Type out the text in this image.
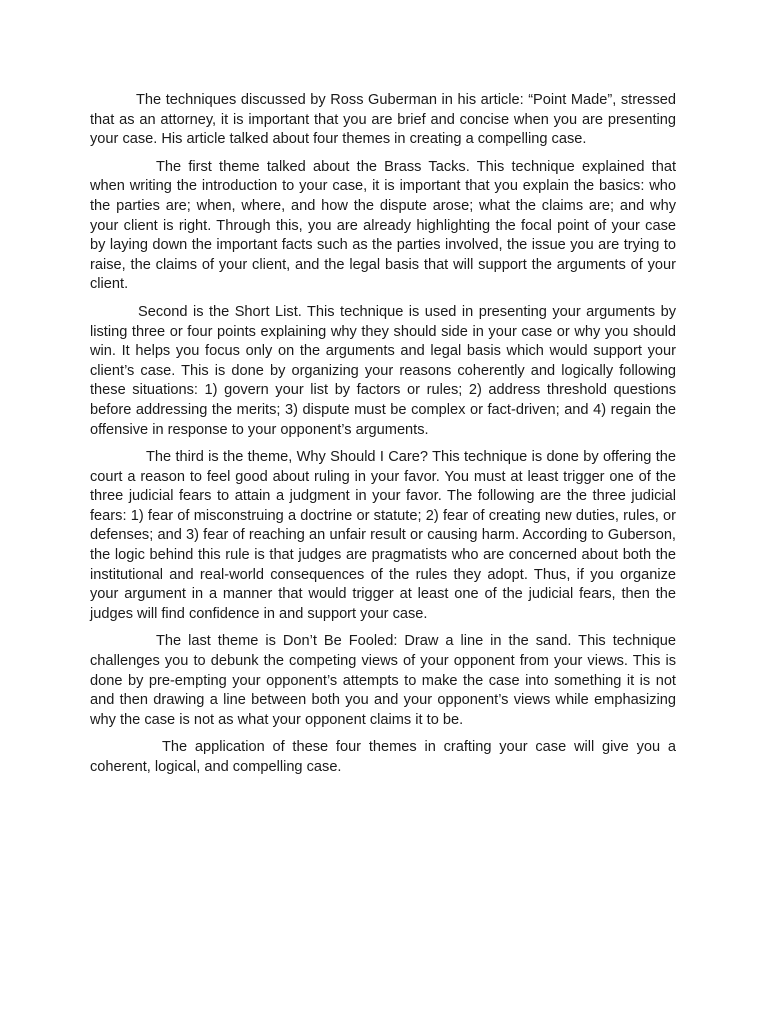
The techniques discussed by Ross Guberman in his article: “Point Made”, stressed that as an attorney, it is important that you are brief and concise when you are presenting your case. His article talked about four themes in creating a compelling case.

The first theme talked about the Brass Tacks. This technique explained that when writing the introduction to your case, it is important that you explain the basics: who the parties are; when, where, and how the dispute arose; what the claims are; and why your client is right. Through this, you are already highlighting the focal point of your case by laying down the important facts such as the parties involved, the issue you are trying to raise, the claims of your client, and the legal basis that will support the arguments of your client.

Second is the Short List. This technique is used in presenting your arguments by listing three or four points explaining why they should side in your case or why you should win. It helps you focus only on the arguments and legal basis which would support your client’s case. This is done by organizing your reasons coherently and logically following these situations: 1) govern your list by factors or rules; 2) address threshold questions before addressing the merits; 3) dispute must be complex or fact-driven; and 4) regain the offensive in response to your opponent’s arguments.

The third is the theme, Why Should I Care? This technique is done by offering the court a reason to feel good about ruling in your favor. You must at least trigger one of the three judicial fears to attain a judgment in your favor. The following are the three judicial fears: 1) fear of misconstruing a doctrine or statute; 2) fear of creating new duties, rules, or defenses; and 3) fear of reaching an unfair result or causing harm. According to Guberson, the logic behind this rule is that judges are pragmatists who are concerned about both the institutional and real-world consequences of the rules they adopt. Thus, if you organize your argument in a manner that would trigger at least one of the judicial fears, then the judges will find confidence in and support your case.

The last theme is Don’t Be Fooled: Draw a line in the sand. This technique challenges you to debunk the competing views of your opponent from your views. This is done by pre-empting your opponent’s attempts to make the case into something it is not and then drawing a line between both you and your opponent’s views while emphasizing why the case is not as what your opponent claims it to be.

The application of these four themes in crafting your case will give you a coherent, logical, and compelling case.
